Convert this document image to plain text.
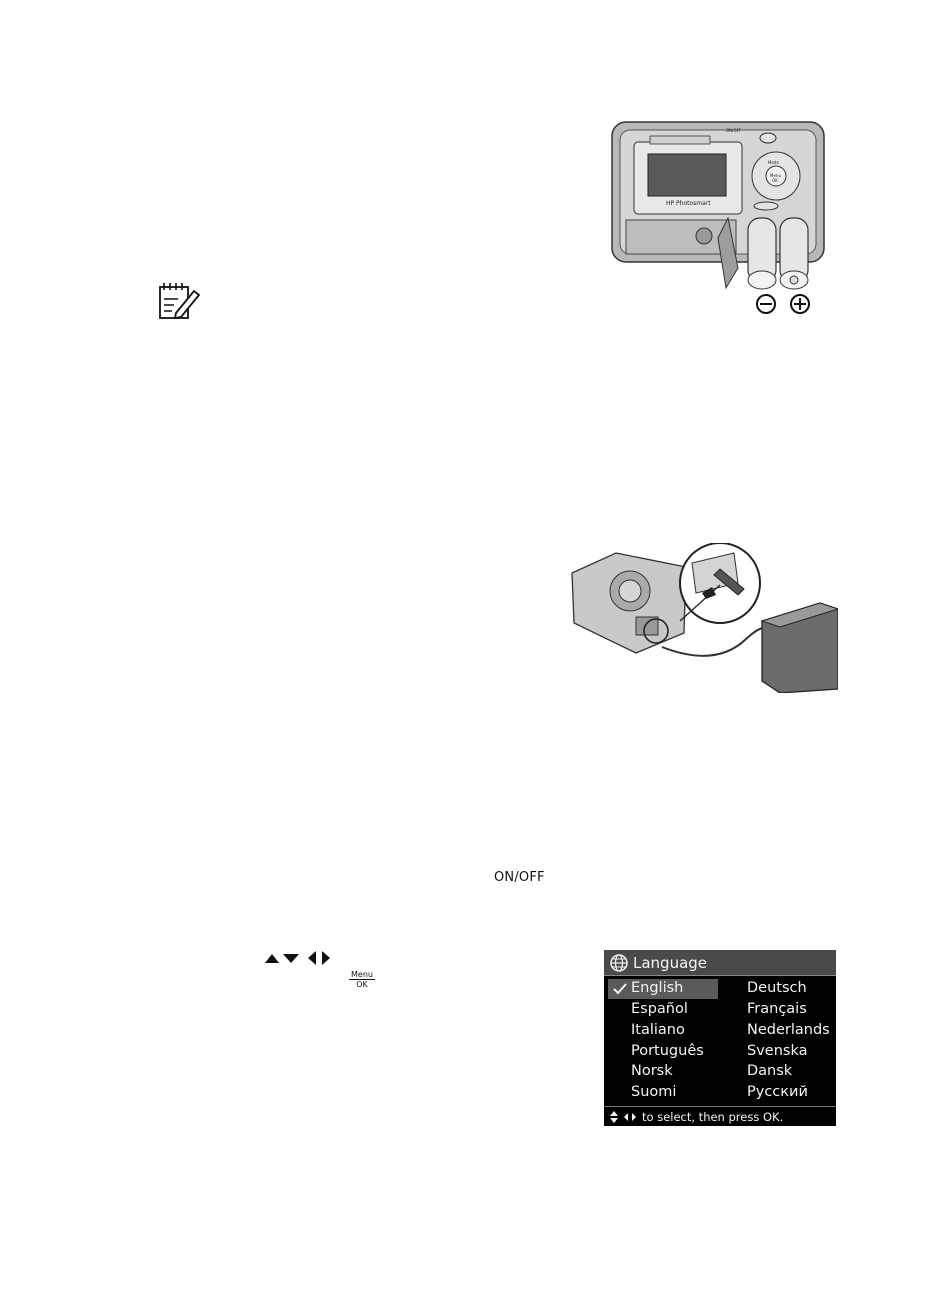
HP Photosmart
ON/OFF
Mode
Menu
OK
ON/OFF
Menu
OK
Language
English
Español
Italiano
Português
Norsk
Suomi
Deutsch
Français
Nederlands
Svenska
Dansk
Русский
to select, then press OK.
